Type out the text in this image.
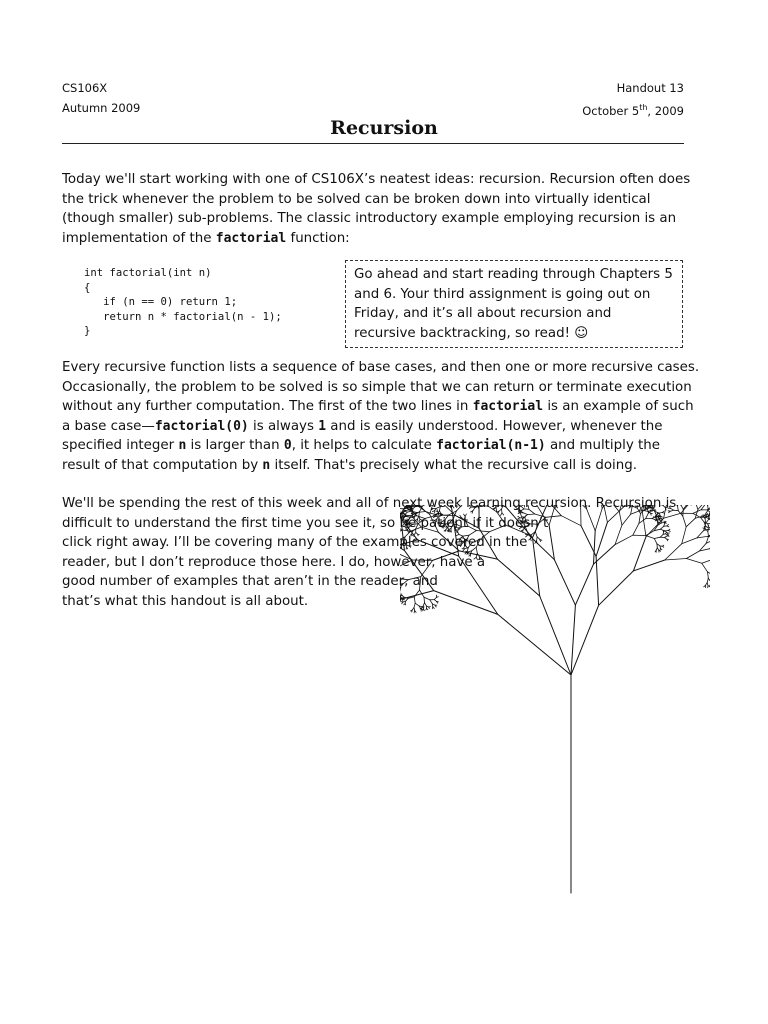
CS106X
Autumn 2009
Handout 13
October 5th, 2009
Recursion

Today we'll start working with one of CS106X’s neatest ideas: recursion. Recursion often does the trick whenever the problem to be solved can be broken down into virtually identical (though smaller) sub-problems. The classic introductory example employing recursion is an implementation of the factorial function:

int factorial(int n)
{
if (n == 0) return 1;
return n * factorial(n - 1);
}
Go ahead and start reading through Chapters 5 and 6. Your third assignment is going out on Friday, and it’s all about recursion and recursive backtracking, so read! ☺

Every recursive function lists a sequence of base cases, and then one or more recursive cases. Occasionally, the problem to be solved is so simple that we can return or terminate execution without any further computation. The first of the two lines in factorial is an example of such a base case—factorial(0) is always 1 and is easily understood. However, whenever the specified integer n is larger than 0, it helps to calculate factorial(n-1) and multiply the result of that computation by n itself. That's precisely what the recursive call is doing.

We'll be spending the rest of this week and all of next week learning recursion. Recursion is
difficult to understand the first time you see it, so be patient if it doesn’t
click right away. I’ll be covering many of the examples covered in the
reader, but I don’t reproduce those here. I do, however, have a
good number of examples that aren’t in the reader, and
that’s what this handout is all about.
